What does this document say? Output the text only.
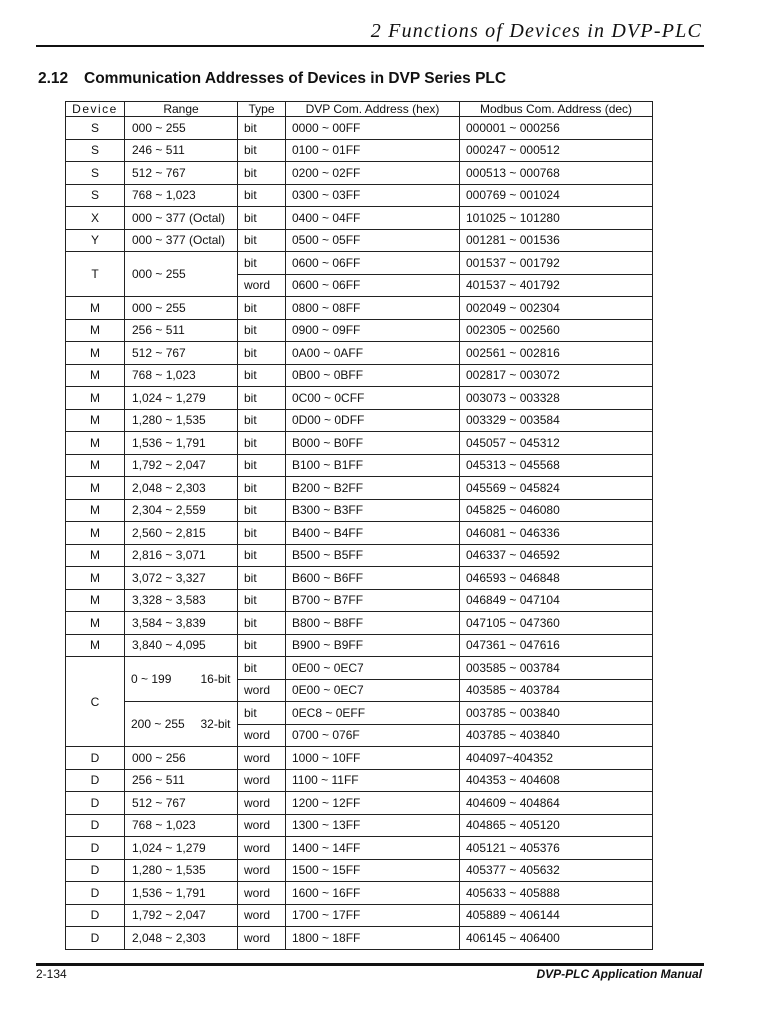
2 Functions of Devices in DVP-PLC
2.12 Communication Addresses of Devices in DVP Series PLC
Device	Range		Type	DVP Com. Address (hex)	Modbus Com. Address (dec)
S	000 ~ 255		bit	0000 ~ 00FF	000001 ~ 000256
S	246 ~ 511		bit	0100 ~ 01FF	000247 ~ 000512
S	512 ~ 767		bit	0200 ~ 02FF	000513 ~ 000768
S	768 ~ 1,023		bit	0300 ~ 03FF	000769 ~ 001024
X	000 ~ 377 (Octal)		bit	0400 ~ 04FF	101025 ~ 101280
Y	000 ~ 377 (Octal)		bit	0500 ~ 05FF	001281 ~ 001536
T	000 ~ 255		bit	0600 ~ 06FF	001537 ~ 001792
			word	0600 ~ 06FF	401537 ~ 401792
M	000 ~ 255		bit	0800 ~ 08FF	002049 ~ 002304
M	256 ~ 511		bit	0900 ~ 09FF	002305 ~ 002560
M	512 ~ 767		bit	0A00 ~ 0AFF	002561 ~ 002816
M	768 ~ 1,023		bit	0B00 ~ 0BFF	002817 ~ 003072
M	1,024 ~ 1,279		bit	0C00 ~ 0CFF	003073 ~ 003328
M	1,280 ~ 1,535		bit	0D00 ~ 0DFF	003329 ~ 003584
M	1,536 ~ 1,791		bit	B000 ~ B0FF	045057 ~ 045312
M	1,792 ~ 2,047		bit	B100 ~ B1FF	045313 ~ 045568
M	2,048 ~ 2,303		bit	B200 ~ B2FF	045569 ~ 045824
M	2,304 ~ 2,559		bit	B300 ~ B3FF	045825 ~ 046080
M	2,560 ~ 2,815		bit	B400 ~ B4FF	046081 ~ 046336
M	2,816 ~ 3,071		bit	B500 ~ B5FF	046337 ~ 046592
M	3,072 ~ 3,327		bit	B600 ~ B6FF	046593 ~ 046848
M	3,328 ~ 3,583		bit	B700 ~ B7FF	046849 ~ 047104
M	3,584 ~ 3,839		bit	B800 ~ B8FF	047105 ~ 047360
M	3,840 ~ 4,095		bit	B900 ~ B9FF	047361 ~ 047616
C	0 ~ 199	16-bit	bit	0E00 ~ 0EC7	003585 ~ 003784
			word	0E00 ~ 0EC7	403585 ~ 403784
	200 ~ 255	32-bit	bit	0EC8 ~ 0EFF	003785 ~ 003840
			word	0700 ~ 076F	403785 ~ 403840
D	000 ~ 256		word	1000 ~ 10FF	404097~404352
D	256 ~ 511		word	1100 ~ 11FF	404353 ~ 404608
D	512 ~ 767		word	1200 ~ 12FF	404609 ~ 404864
D	768 ~ 1,023		word	1300 ~ 13FF	404865 ~ 405120
D	1,024 ~ 1,279		word	1400 ~ 14FF	405121 ~ 405376
D	1,280 ~ 1,535		word	1500 ~ 15FF	405377 ~ 405632
D	1,536 ~ 1,791		word	1600 ~ 16FF	405633 ~ 405888
D	1,792 ~ 2,047		word	1700 ~ 17FF	405889 ~ 406144
D	2,048 ~ 2,303		word	1800 ~ 18FF	406145 ~ 406400
2-134	DVP-PLC Application Manual
